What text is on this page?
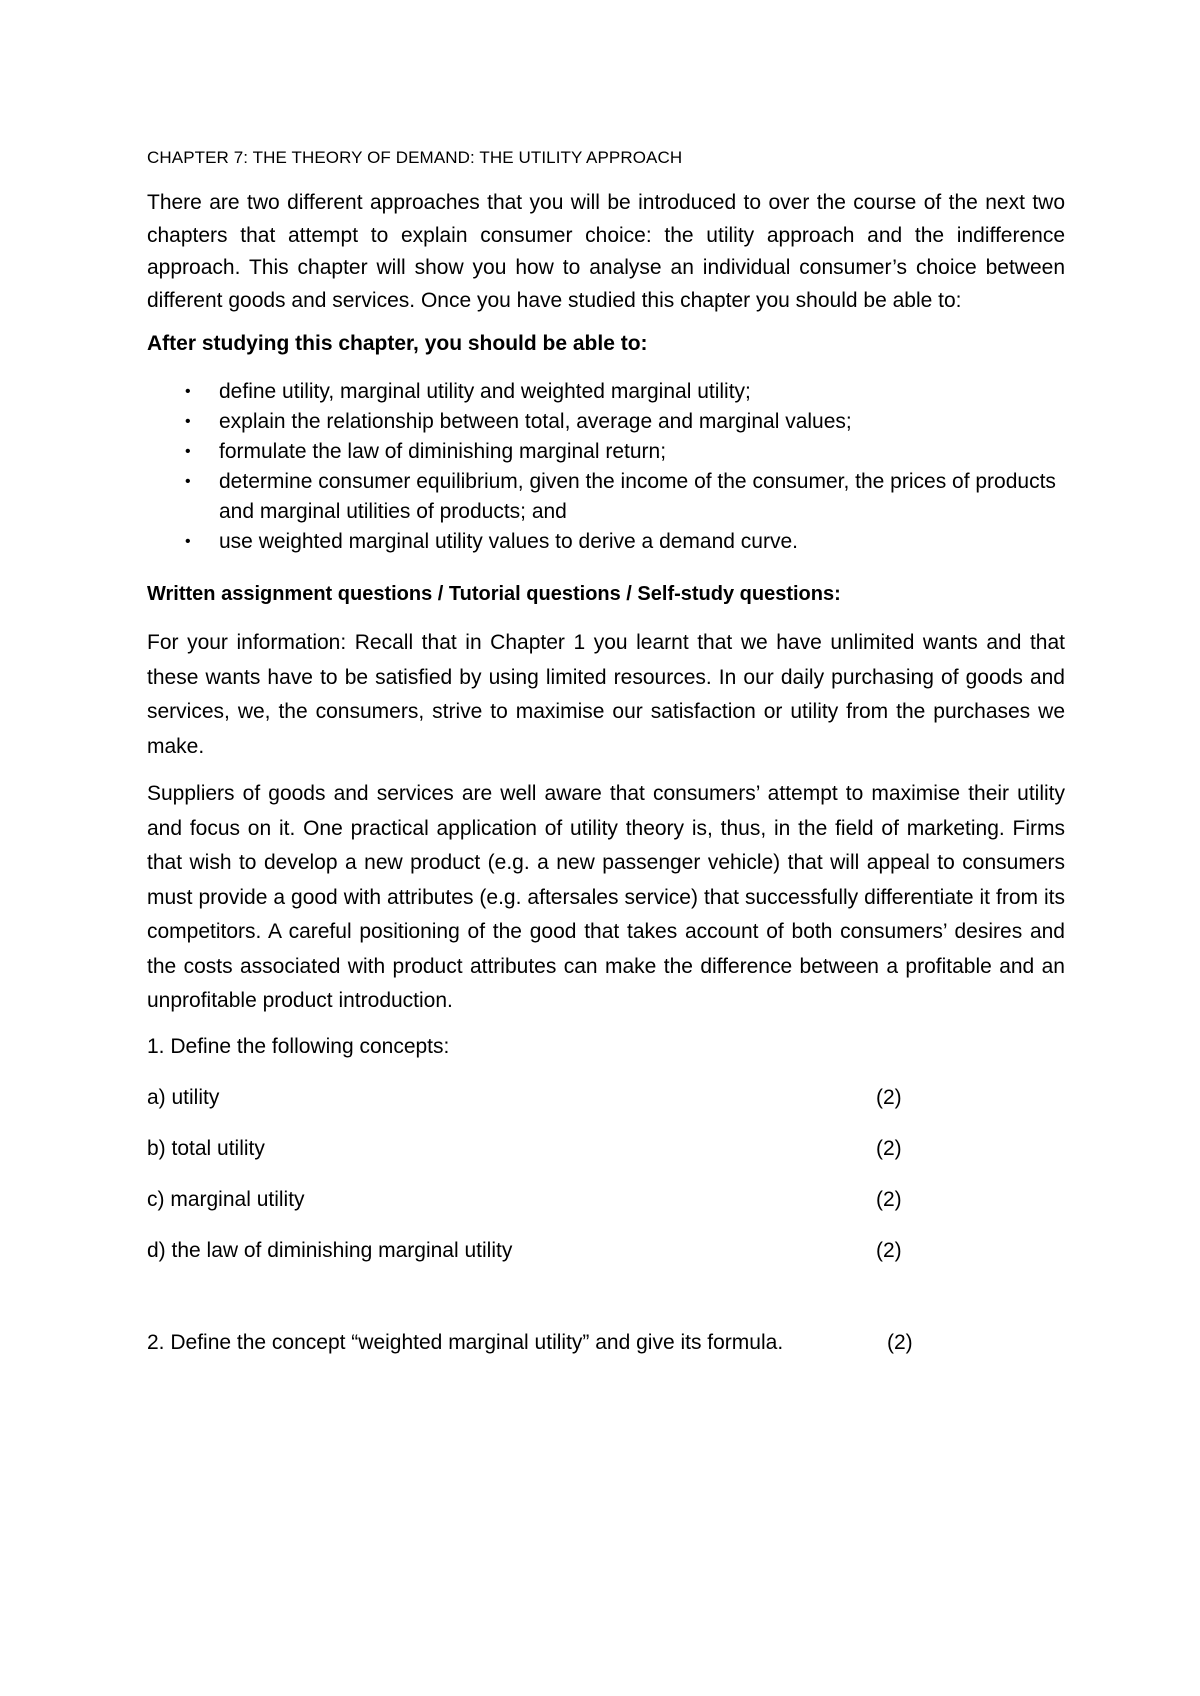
CHAPTER 7: THE THEORY OF DEMAND: THE UTILITY APPROACH

There are two different approaches that you will be introduced to over the course of the next two chapters that attempt to explain consumer choice: the utility approach and the indifference approach. This chapter will show you how to analyse an individual consumer’s choice between different goods and services. Once you have studied this chapter you should be able to:

After studying this chapter, you should be able to:
• define utility, marginal utility and weighted marginal utility;
• explain the relationship between total, average and marginal values;
• formulate the law of diminishing marginal return;
• determine consumer equilibrium, given the income of the consumer, the prices of products and marginal utilities of products; and
• use weighted marginal utility values to derive a demand curve.
Written assignment questions / Tutorial questions / Self-study questions:

For your information: Recall that in Chapter 1 you learnt that we have unlimited wants and that these wants have to be satisfied by using limited resources. In our daily purchasing of goods and services, we, the consumers, strive to maximise our satisfaction or utility from the purchases we make.

Suppliers of goods and services are well aware that consumers’ attempt to maximise their utility and focus on it. One practical application of utility theory is, thus, in the field of marketing. Firms that wish to develop a new product (e.g. a new passenger vehicle) that will appeal to consumers must provide a good with attributes (e.g. aftersales service) that successfully differentiate it from its competitors. A careful positioning of the good that takes account of both consumers’ desires and the costs associated with product attributes can make the difference between a profitable and an unprofitable product introduction.

1. Define the following concepts:
a) utility	(2)
b) total utility	(2)
c) marginal utility	(2)
d) the law of diminishing marginal utility	(2)
2. Define the concept “weighted marginal utility” and give its formula.	(2)
